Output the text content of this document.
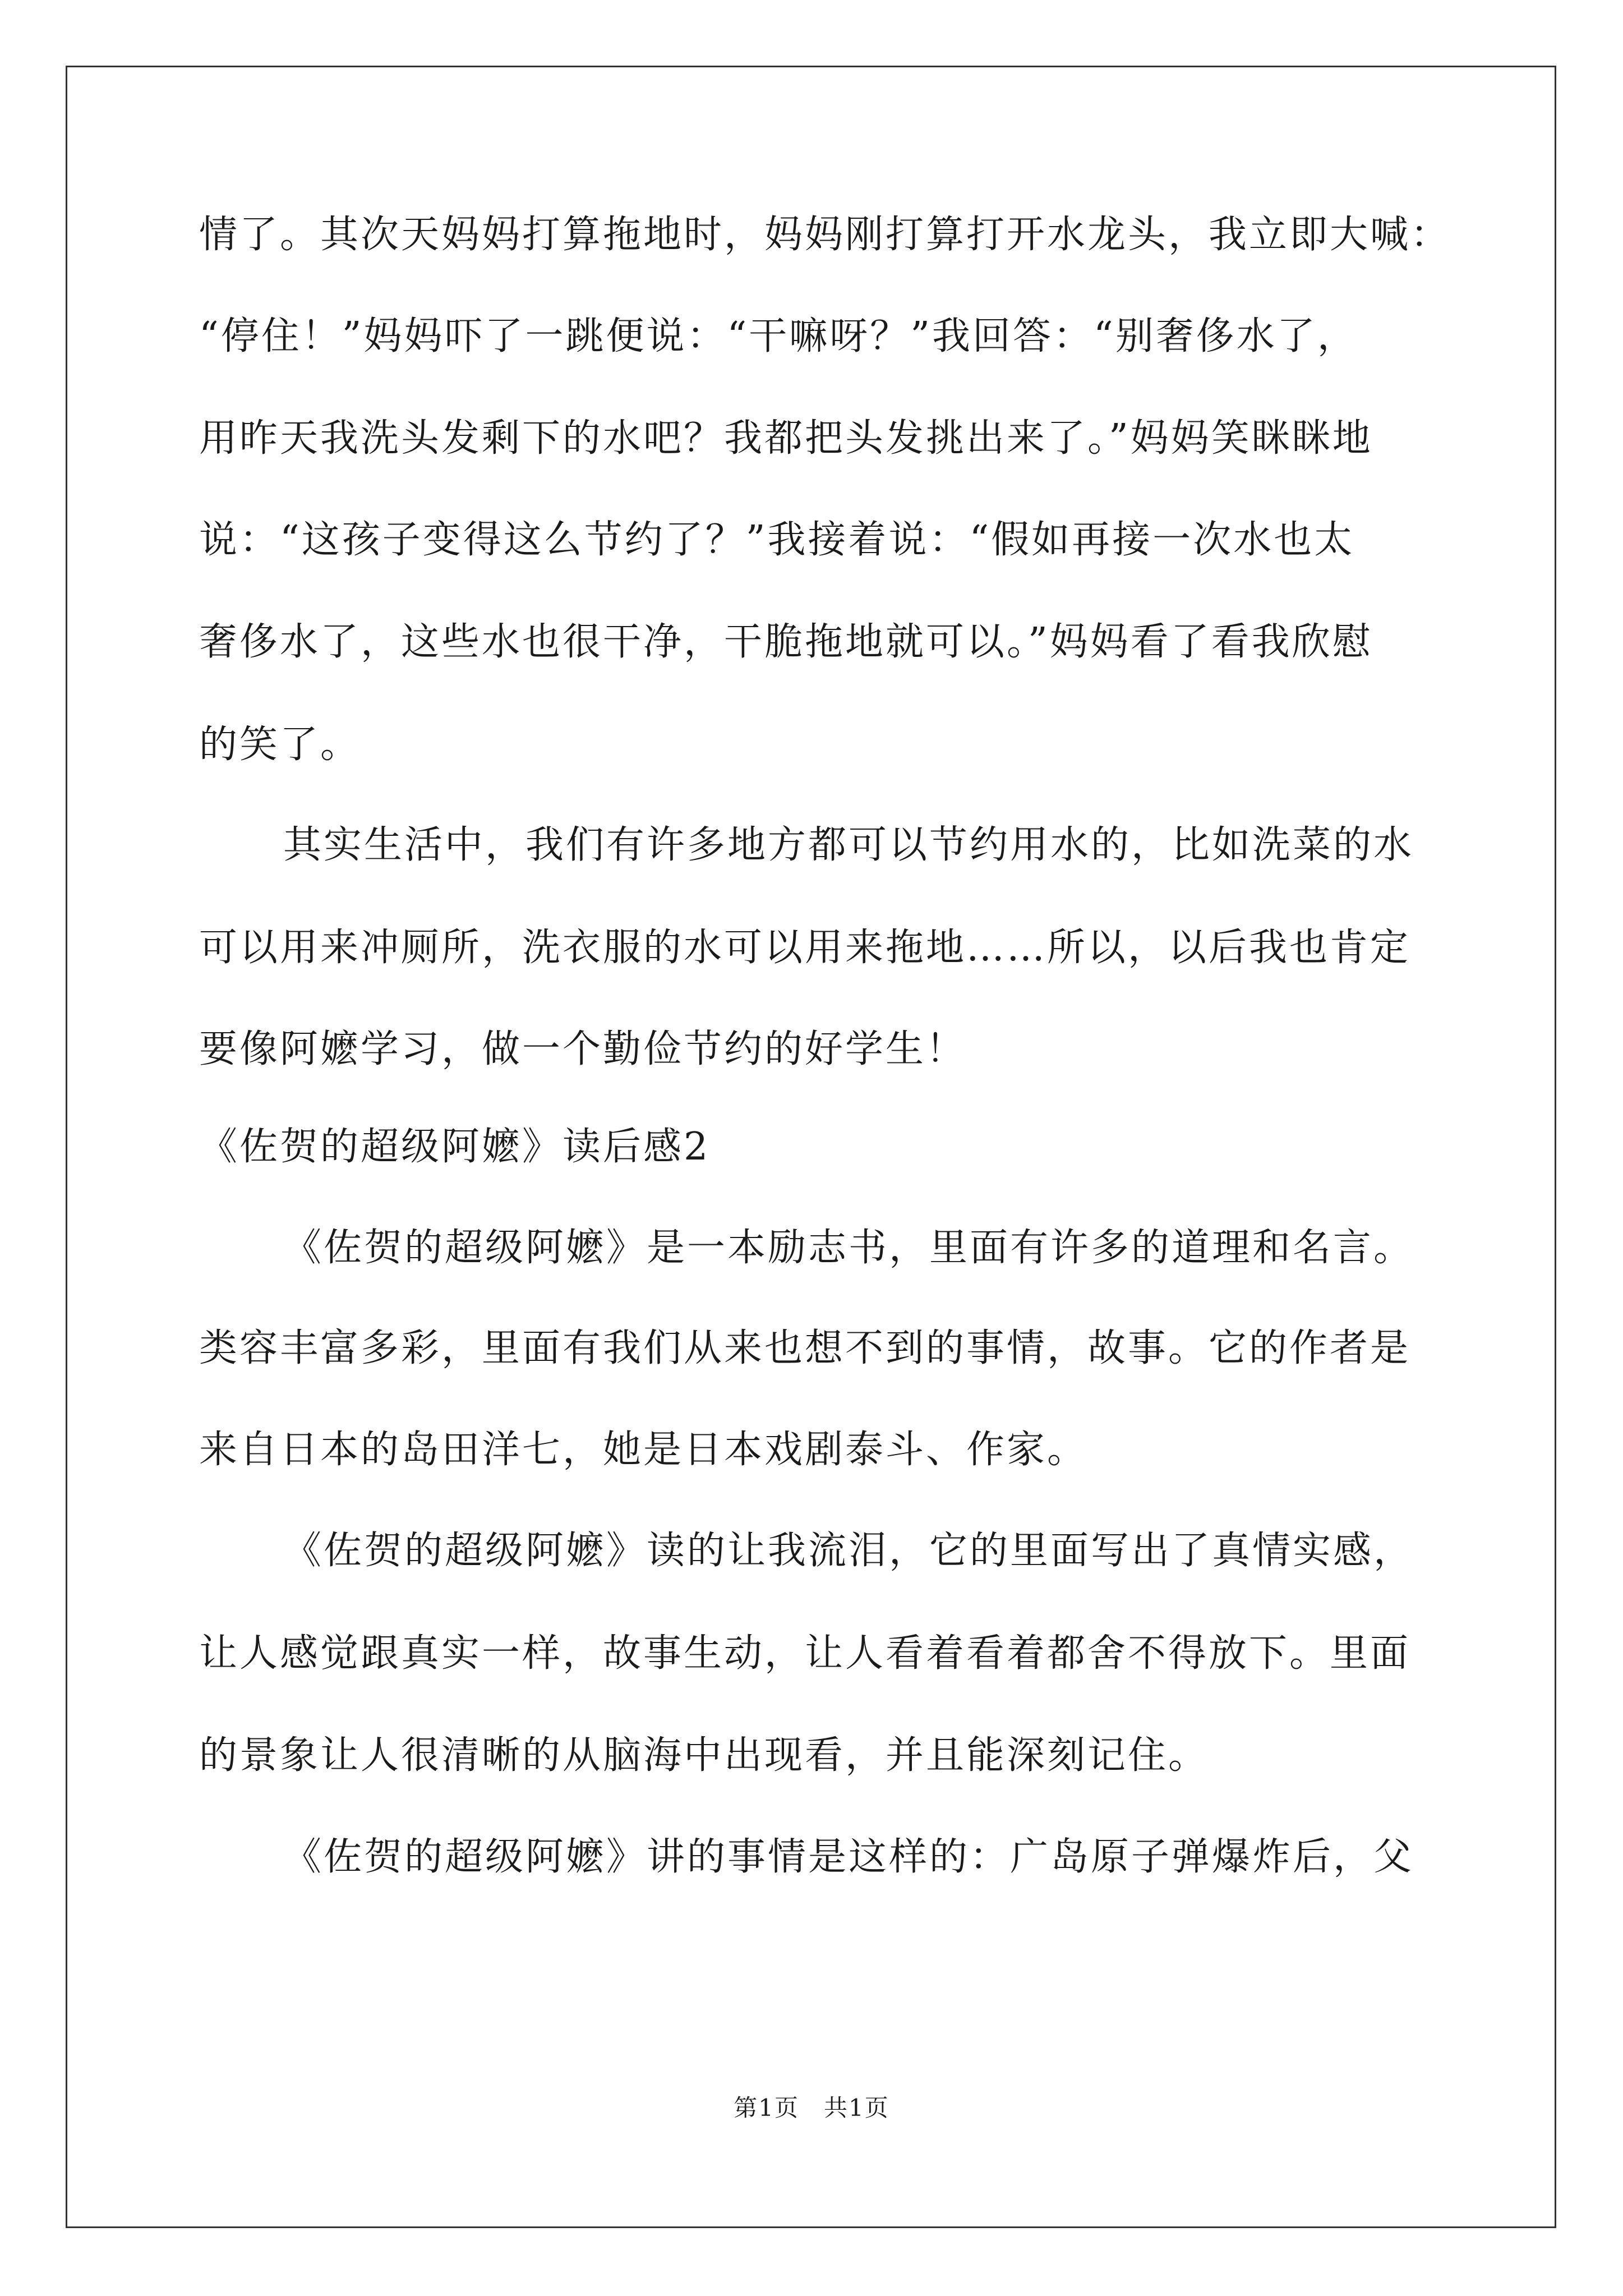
情了。其次天妈妈打算拖地时，妈妈刚打算打开水龙头，我立即大喊：
“停住！”妈妈吓了一跳便说：“干嘛呀？”我回答：“别奢侈水了，
用昨天我洗头发剩下的水吧？我都把头发挑出来了。”妈妈笑眯眯地
说：“这孩子变得这么节约了？”我接着说：“假如再接一次水也太
奢侈水了，这些水也很干净，干脆拖地就可以。”妈妈看了看我欣慰
的笑了。
其实生活中，我们有许多地方都可以节约用水的，比如洗菜的水
可以用来冲厕所，洗衣服的水可以用来拖地……所以，以后我也肯定
要像阿嬷学习，做一个勤俭节约的好学生！
《佐贺的超级阿嬷》读后感2
《佐贺的超级阿嬷》是一本励志书，里面有许多的道理和名言。
类容丰富多彩，里面有我们从来也想不到的事情，故事。它的作者是
来自日本的岛田洋七，她是日本戏剧泰斗、作家。
《佐贺的超级阿嬷》读的让我流泪，它的里面写出了真情实感，
让人感觉跟真实一样，故事生动，让人看着看着都舍不得放下。里面
的景象让人很清晰的从脑海中出现看，并且能深刻记住。
《佐贺的超级阿嬷》讲的事情是这样的：广岛原子弹爆炸后，父
第1页　共1页
